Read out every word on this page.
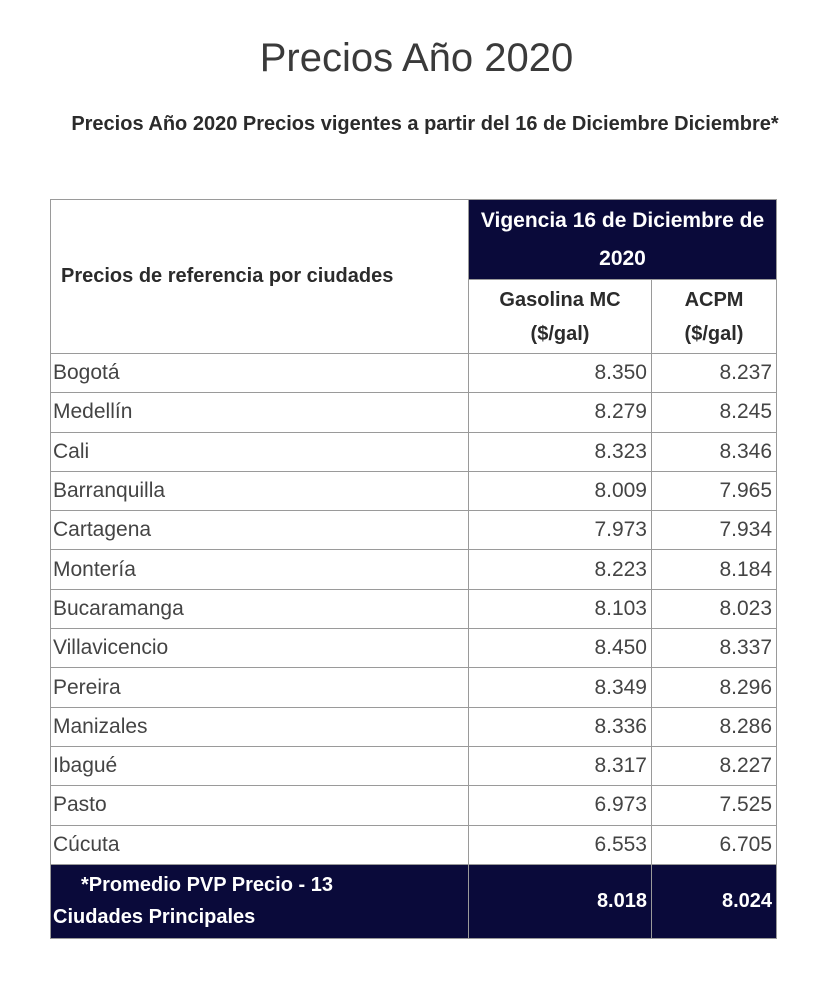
Precios Año 2020

Precios Año 2020 Precios vigentes a partir del 16 de Diciembre Diciembre*

Precios de referencia por ciudades	Vigencia 16 de Diciembre de 2020	
	Gasolina MC ($/gal)	ACPM ($/gal)
Bogotá	8.350	8.237
Medellín	8.279	8.245
Cali	8.323	8.346
Barranquilla	8.009	7.965
Cartagena	7.973	7.934
Montería	8.223	8.184
Bucaramanga	8.103	8.023
Villavicencio	8.450	8.337
Pereira	8.349	8.296
Manizales	8.336	8.286
Ibagué	8.317	8.227
Pasto	6.973	7.525
Cúcuta	6.553	6.705

*Promedio PVP Precio - 13
Ciudades Principales	8.018	8.024
